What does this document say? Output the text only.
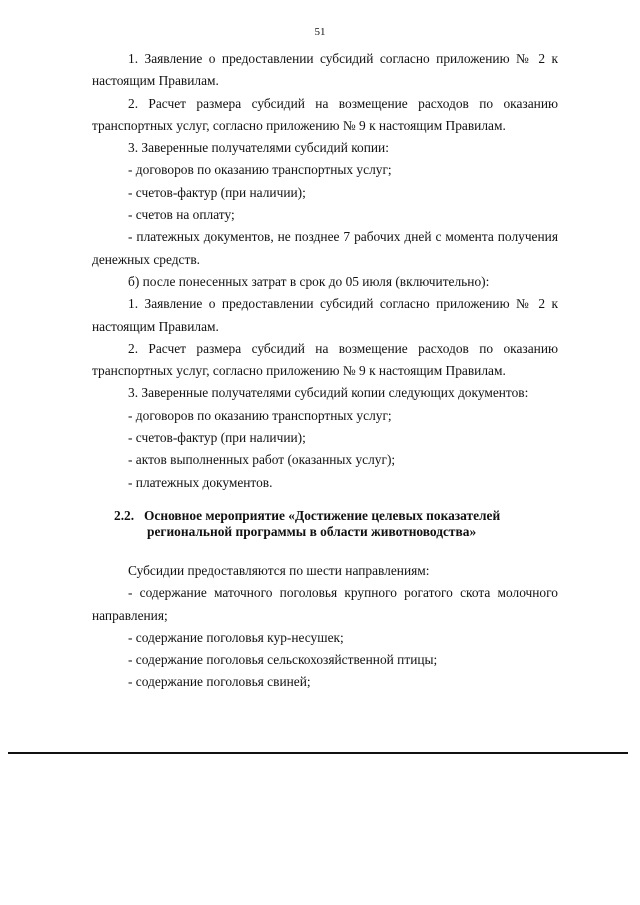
51

1. Заявление о предоставлении субсидий согласно приложению № 2 к настоящим Правилам.

2. Расчет размера субсидий на возмещение расходов по оказанию транспортных услуг, согласно приложению № 9 к настоящим Правилам.

3. Заверенные получателями субсидий копии:

- договоров по оказанию транспортных услуг;

- счетов-фактур (при наличии);

- счетов на оплату;

- платежных документов, не позднее 7 рабочих дней с момента получения денежных средств.

б) после понесенных затрат в срок до 05 июля (включительно):

1. Заявление о предоставлении субсидий согласно приложению № 2 к настоящим Правилам.

2. Расчет размера субсидий на возмещение расходов по оказанию транспортных услуг, согласно приложению № 9 к настоящим Правилам.

3. Заверенные получателями субсидий копии следующих документов:

- договоров по оказанию транспортных услуг;

- счетов-фактур (при наличии);

- актов выполненных работ (оказанных услуг);

- платежных документов.

2.2. Основное мероприятие «Достижение целевых показателей
региональной программы в области животноводства»

Субсидии предоставляются по шести направлениям:

- содержание маточного поголовья крупного рогатого скота молочного направления;

- содержание поголовья кур-несушек;

- содержание поголовья сельскохозяйственной птицы;

- содержание поголовья свиней;
